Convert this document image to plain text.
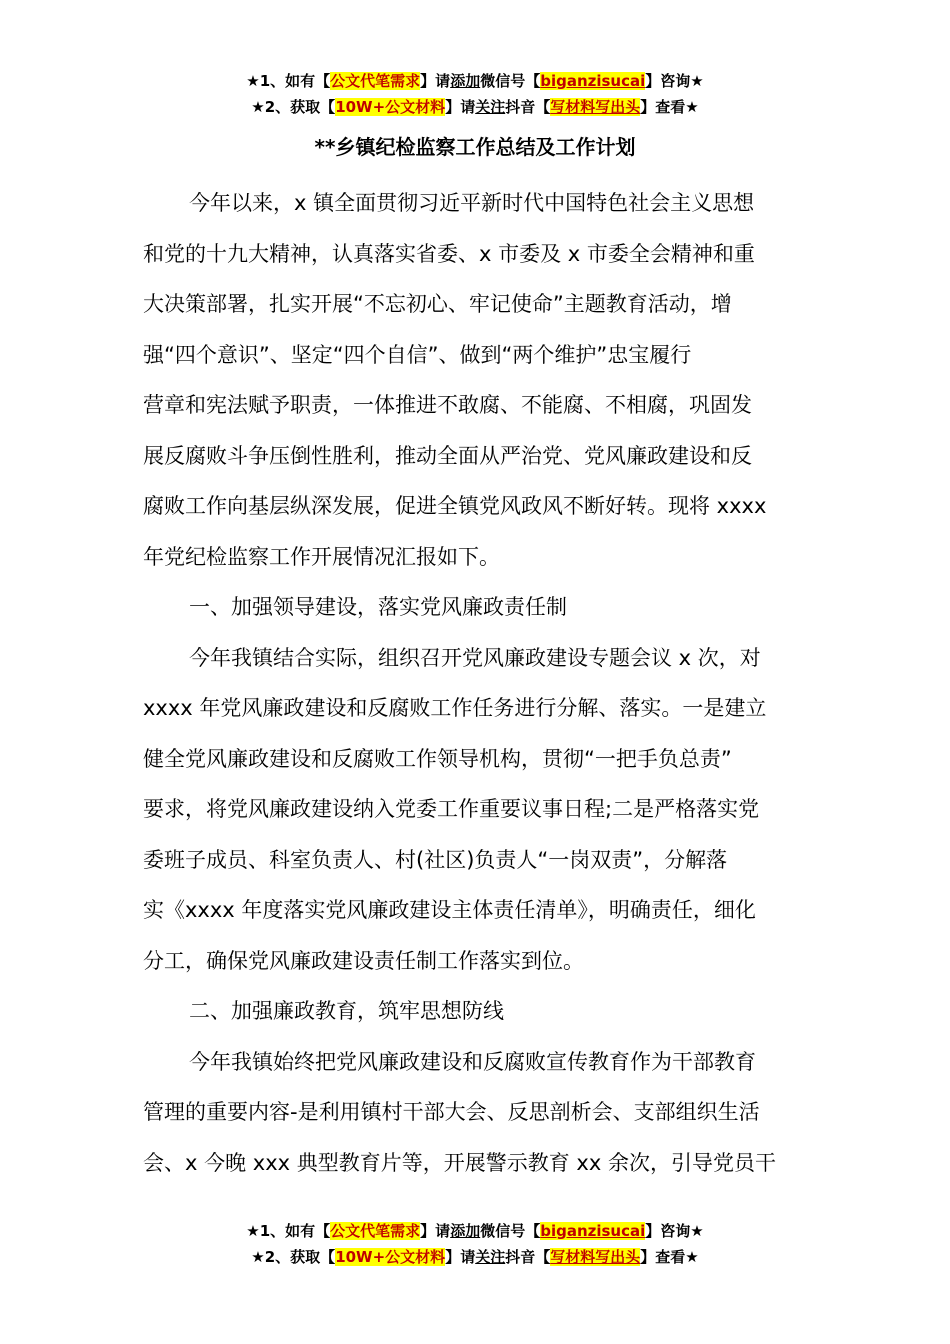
★1、如有【公文代笔需求】请添加微信号【biganzisucai】咨询★
★2、获取【10W+公文材料】请关注抖音【写材料写出头】查看★
**乡镇纪检监察工作总结及工作计划
今年以来，x 镇全面贯彻习近平新时代中国特色社会主义思想
和党的十九大精神，认真落实省委、x 市委及 x 市委全会精神和重
大决策部署，扎实开展“不忘初心、牢记使命”主题教育活动，增
强“四个意识”、坚定“四个自信”、做到“两个维护”忠宝履行
营章和宪法赋予职责，一体推进不敢腐、不能腐、不相腐，巩固发
展反腐败斗争压倒性胜利，推动全面从严治党、党风廉政建设和反
腐败工作向基层纵深发展，促进全镇党风政风不断好转。现将 xxxx
年党纪检监察工作开展情况汇报如下。
一、加强领导建设，落实党风廉政责任制
今年我镇结合实际，组织召开党风廉政建设专题会议 x 次，对
xxxx 年党风廉政建设和反腐败工作任务进行分解、落实。一是建立
健全党风廉政建设和反腐败工作领导机构，贯彻“一把手负总责”
要求，将党风廉政建设纳入党委工作重要议事日程;二是严格落实党
委班子成员、科室负责人、村(社区)负责人“一岗双责”，分解落
实《xxxx 年度落实党风廉政建设主体责任清单》，明确责任，细化
分工，确保党风廉政建设责任制工作落实到位。
二、加强廉政教育，筑牢思想防线
今年我镇始终把党风廉政建设和反腐败宣传教育作为干部教育
管理的重要内容-是利用镇村干部大会、反思剖析会、支部组织生活
会、x 今晚 xxx 典型教育片等，开展警示教育 xx 余次，引导党员干
★1、如有【公文代笔需求】请添加微信号【biganzisucai】咨询★
★2、获取【10W+公文材料】请关注抖音【写材料写出头】查看★
